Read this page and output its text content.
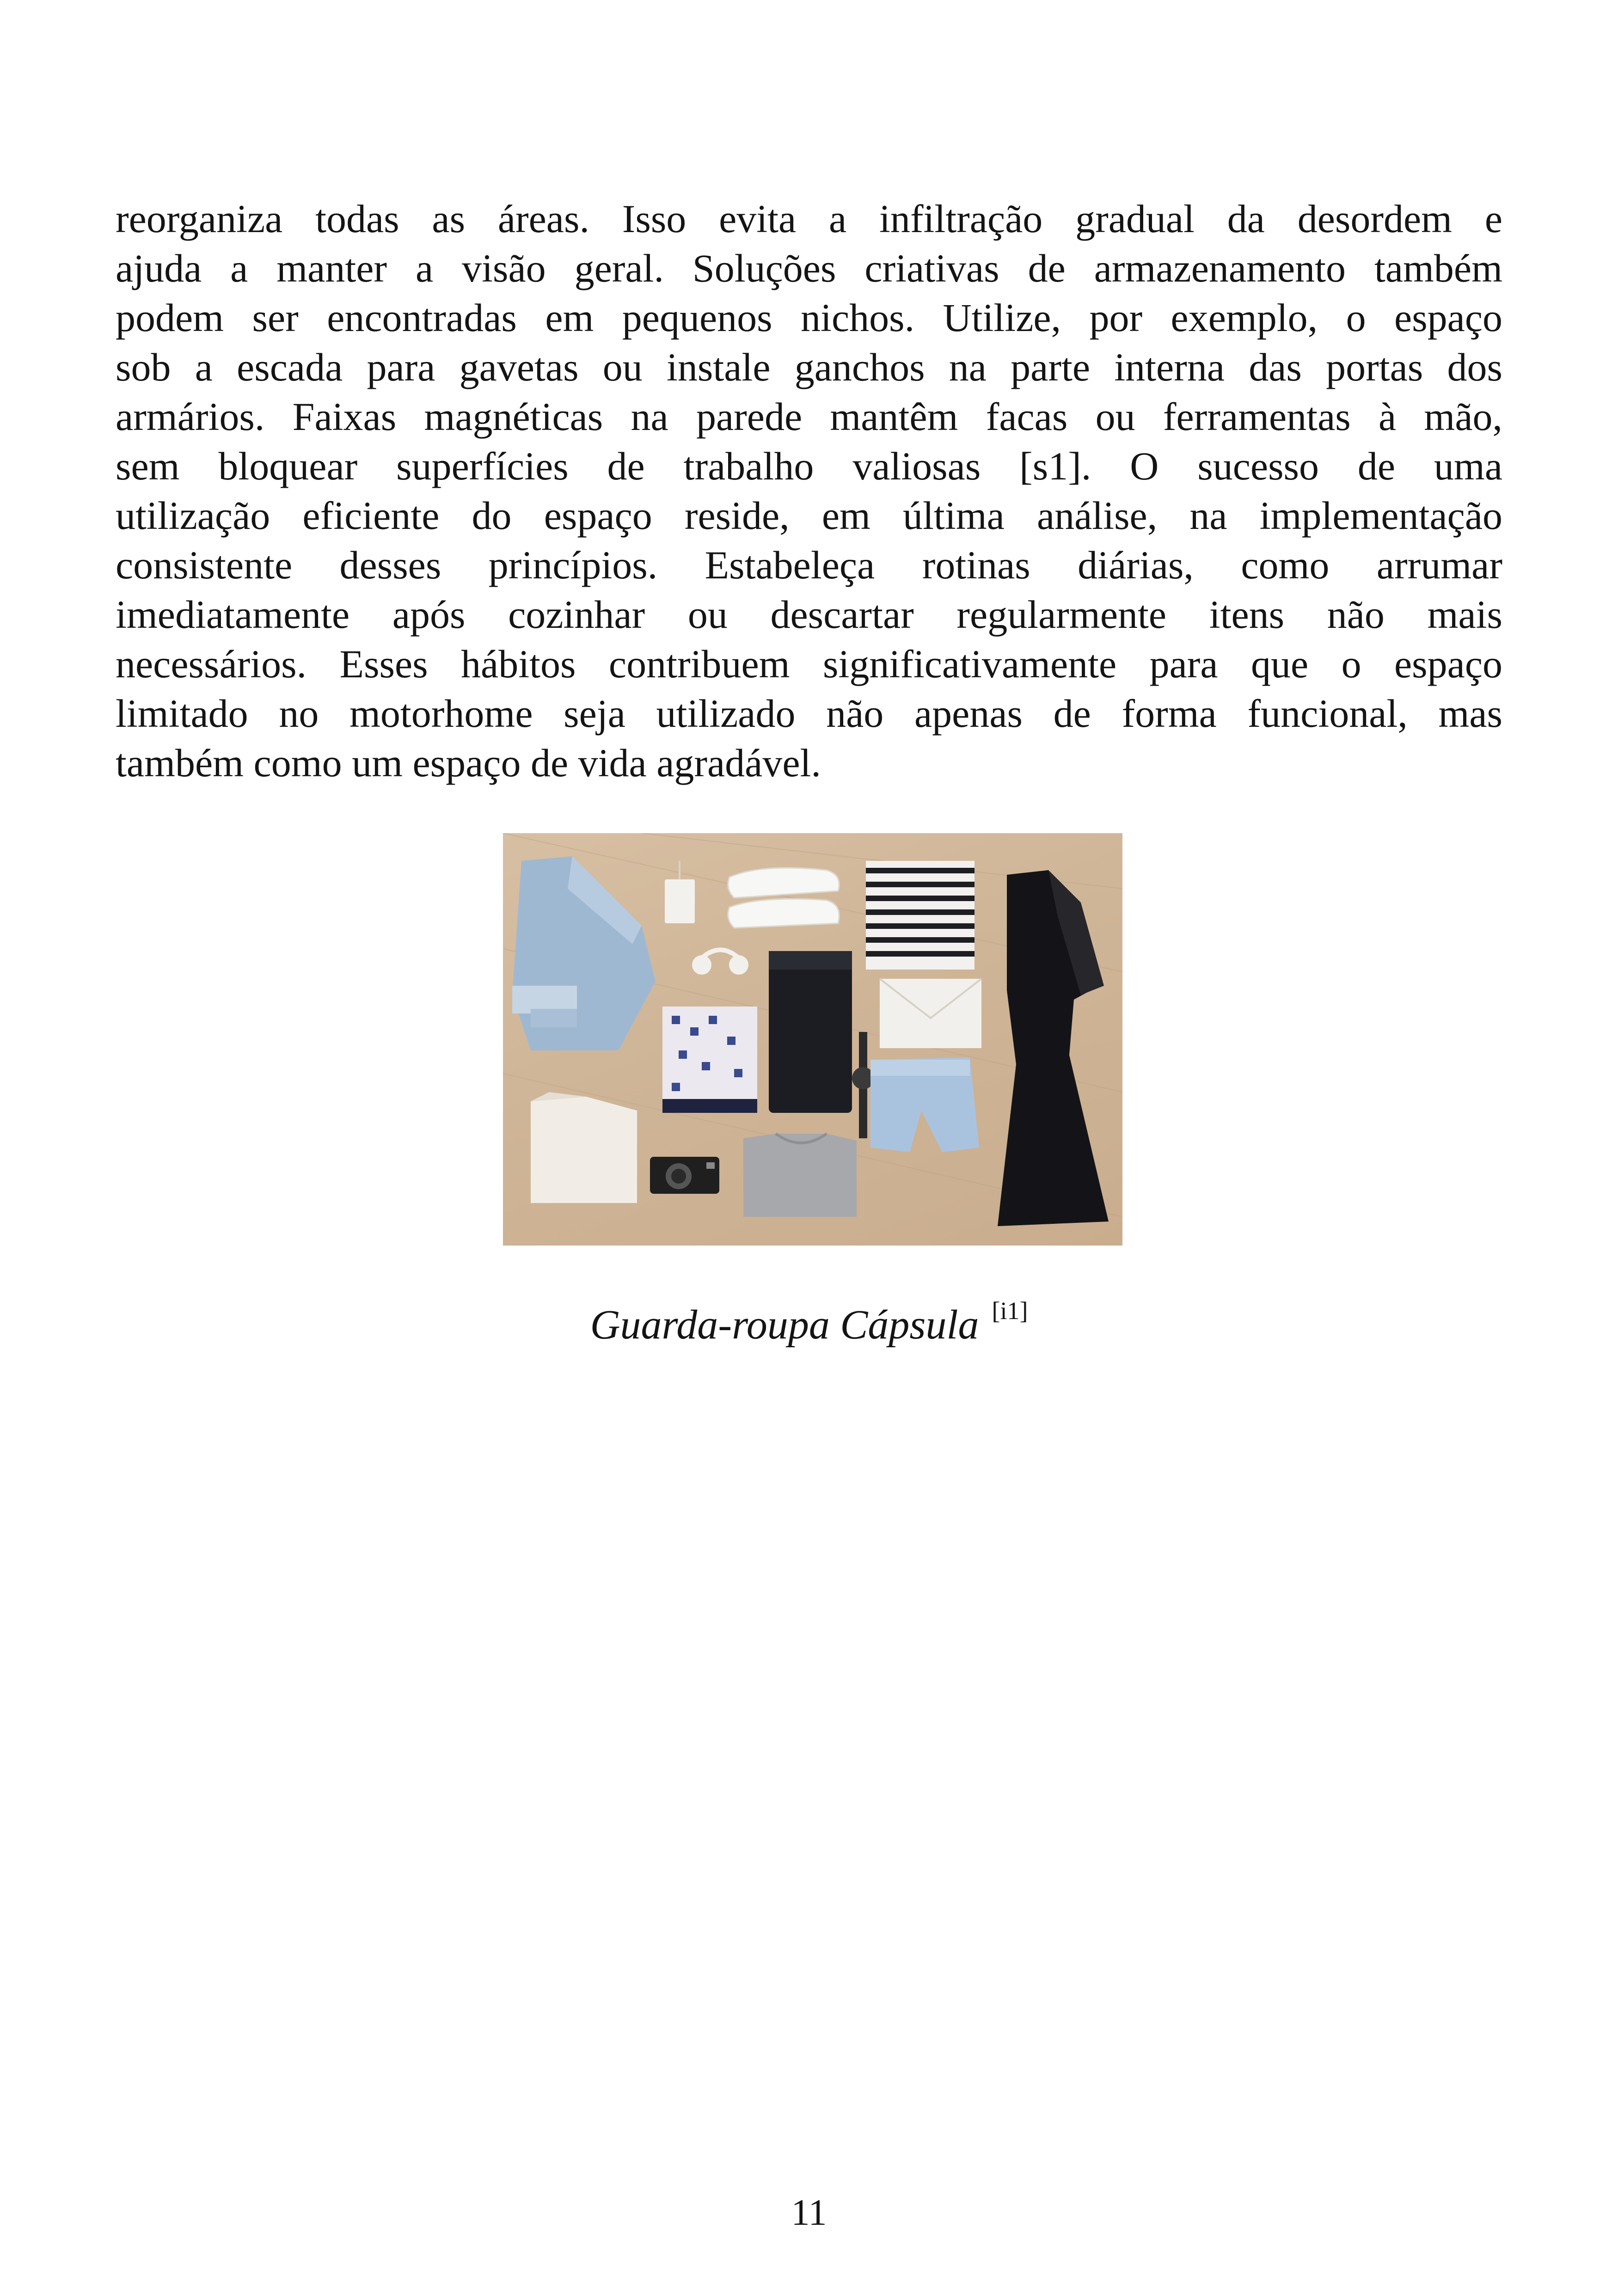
reorganiza todas as áreas. Isso evita a infiltração gradual da desordem e
ajuda a manter a visão geral. Soluções criativas de armazenamento também
podem ser encontradas em pequenos nichos. Utilize, por exemplo, o espaço
sob a escada para gavetas ou instale ganchos na parte interna das portas dos
armários. Faixas magnéticas na parede mantêm facas ou ferramentas à mão,
sem bloquear superfícies de trabalho valiosas [s1]. O sucesso de uma
utilização eficiente do espaço reside, em última análise, na implementação
consistente desses princípios. Estabeleça rotinas diárias, como arrumar
imediatamente após cozinhar ou descartar regularmente itens não mais
necessários. Esses hábitos contribuem significativamente para que o espaço
limitado no motorhome seja utilizado não apenas de forma funcional, mas
também como um espaço de vida agradável.
Guarda-roupa Cápsula [i1]
11
